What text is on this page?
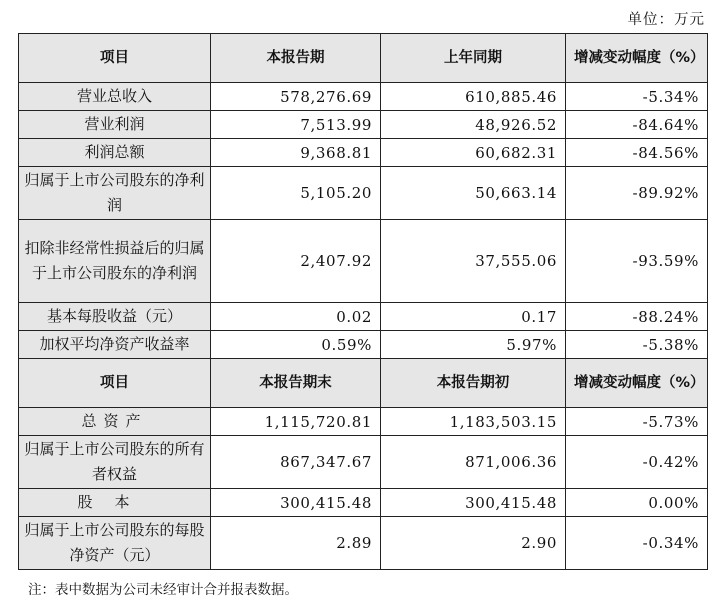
单位：万元
项目	本报告期	上年同期	增减变动幅度（%）
营业总收入	578,276.69	610,885.46	-5.34%
营业利润	7,513.99	48,926.52	-84.64%
利润总额	9,368.81	60,682.31	-84.56%
归属于上市公司股东的净利润	5,105.20	50,663.14	-89.92%
扣除非经常性损益后的归属于上市公司股东的净利润	2,407.92	37,555.06	-93.59%
基本每股收益（元）	0.02	0.17	-88.24%
加权平均净资产收益率	0.59%	5.97%	-5.38%
项目	本报告期末	本报告期初	增减变动幅度（%）
总资产	1,115,720.81	1,183,503.15	-5.73%
归属于上市公司股东的所有者权益	867,347.67	871,006.36	-0.42%
股本	300,415.48	300,415.48	0.00%
归属于上市公司股东的每股净资产（元）	2.89	2.90	-0.34%
注：表中数据为公司未经审计合并报表数据。
